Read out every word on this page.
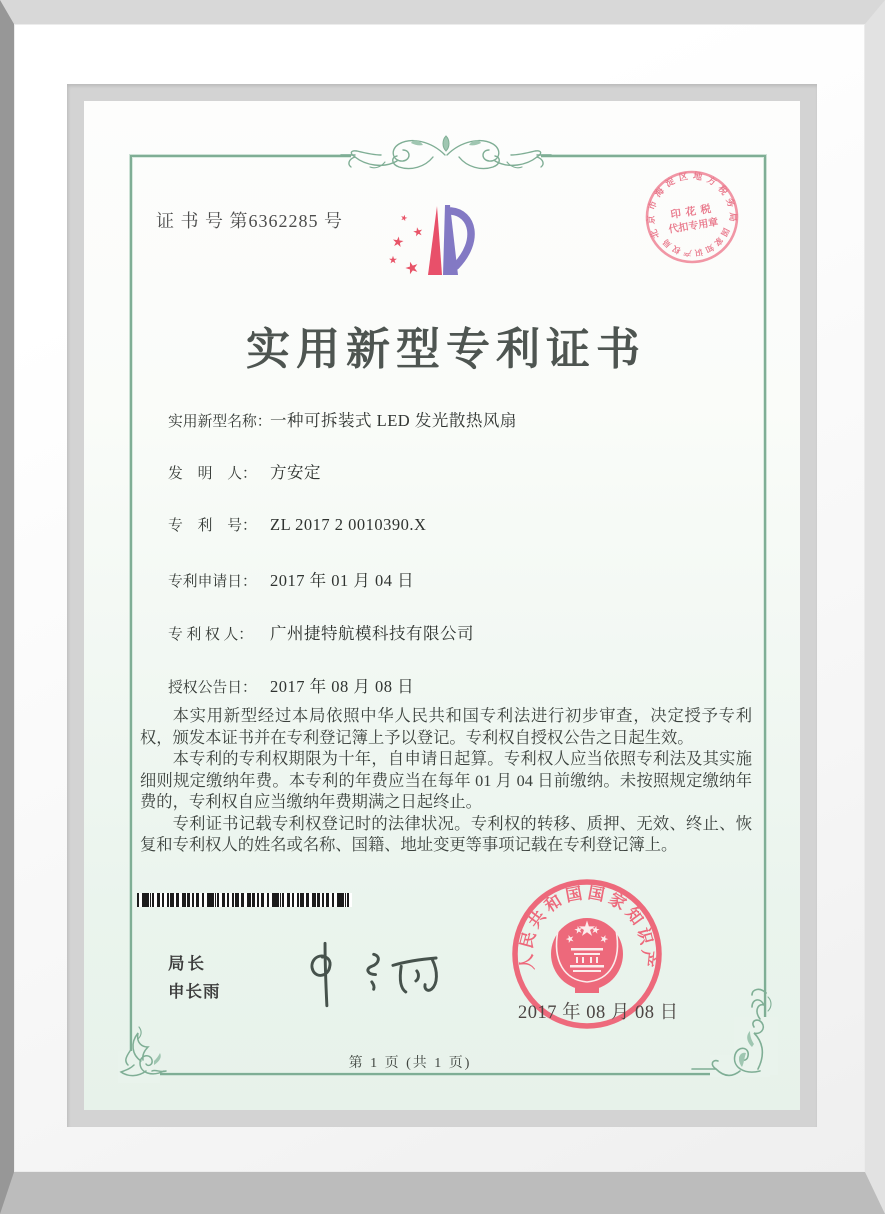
证 书 号 第6362285 号
北京市海淀区地方税务局
国家知识产权局
印 花 税
代扣专用章
实用新型专利证书
实用新型名称：一种可拆装式 LED 发光散热风扇
发　明　人： 方安定
专　利　号： ZL 2017 2 0010390.X
专利申请日： 2017 年 01 月 04 日
专 利 权 人： 广州捷特航模科技有限公司
授权公告日： 2017 年 08 月 08 日

本实用新型经过本局依照中华人民共和国专利法进行初步审查，决定授予专利权，颁发本证书并在专利登记簿上予以登记。专利权自授权公告之日起生效。

本专利的专利权期限为十年，自申请日起算。专利权人应当依照专利法及其实施细则规定缴纳年费。本专利的年费应当在每年 01 月 04 日前缴纳。未按照规定缴纳年费的，专利权自应当缴纳年费期满之日起终止。

专利证书记载专利权登记时的法律状况。专利权的转移、质押、无效、终止、恢复和专利权人的姓名或名称、国籍、地址变更等事项记载在专利登记簿上。

局长
申长雨
中华人民共和国国家知识产权局
2017 年 08 月 08 日
第 1 页 (共 1 页)
